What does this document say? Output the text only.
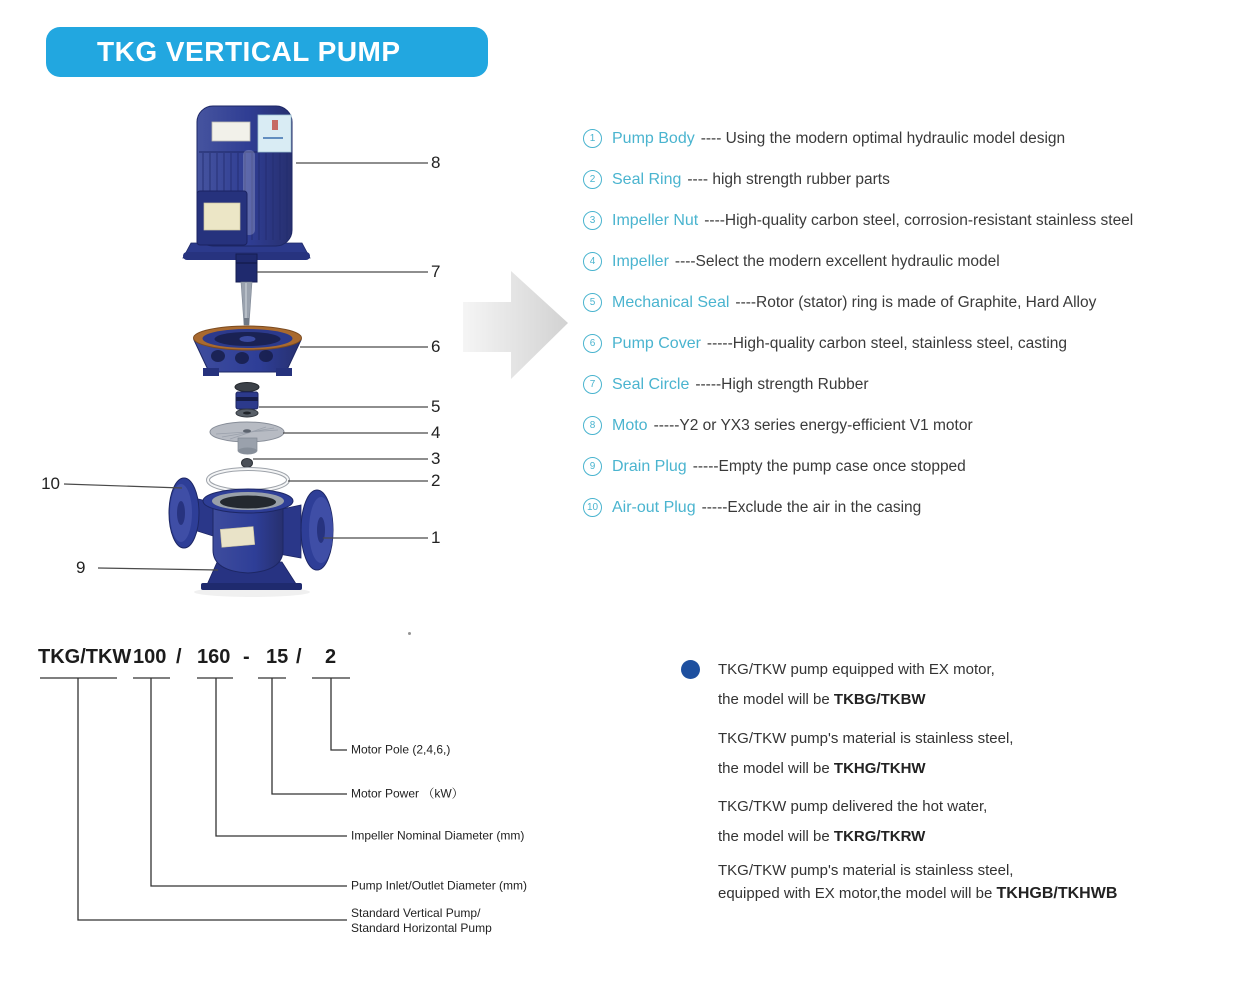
TKG VERTICAL PUMP
8
7
6
5
4
3
2
1
10
9
1	Pump Body ---- Using the modern optimal hydraulic model design
2	Seal Ring ---- high strength rubber parts
3	Impeller Nut ----High-quality carbon steel, corrosion-resistant stainless steel
4	Impeller ----Select the modern excellent hydraulic model
5	Mechanical Seal ----Rotor (stator) ring is made of Graphite, Hard Alloy
6	Pump Cover -----High-quality carbon steel, stainless steel, casting
7	Seal Circle -----High strength Rubber
8	Moto -----Y2 or YX3 series energy-efficient V1 motor
9	Drain Plug -----Empty the pump case once stopped
10 Air-out Plug -----Exclude the air in the casing
TKG/TKW 100 / 160 - 15 / 2
Motor Pole (2,4,6,)
Motor Power （kW）
Impeller Nominal Diameter (mm)
Pump Inlet/Outlet Diameter (mm)
Standard Vertical Pump/
Standard Horizontal Pump
TKG/TKW pump equipped with EX motor,
the model will be TKBG/TKBW
TKG/TKW pump's material is stainless steel,
the model will be TKHG/TKHW
TKG/TKW pump delivered the hot water,
the model will be TKRG/TKRW
TKG/TKW pump's material is stainless steel,
equipped with EX motor,the model will be TKHGB/TKHWB
